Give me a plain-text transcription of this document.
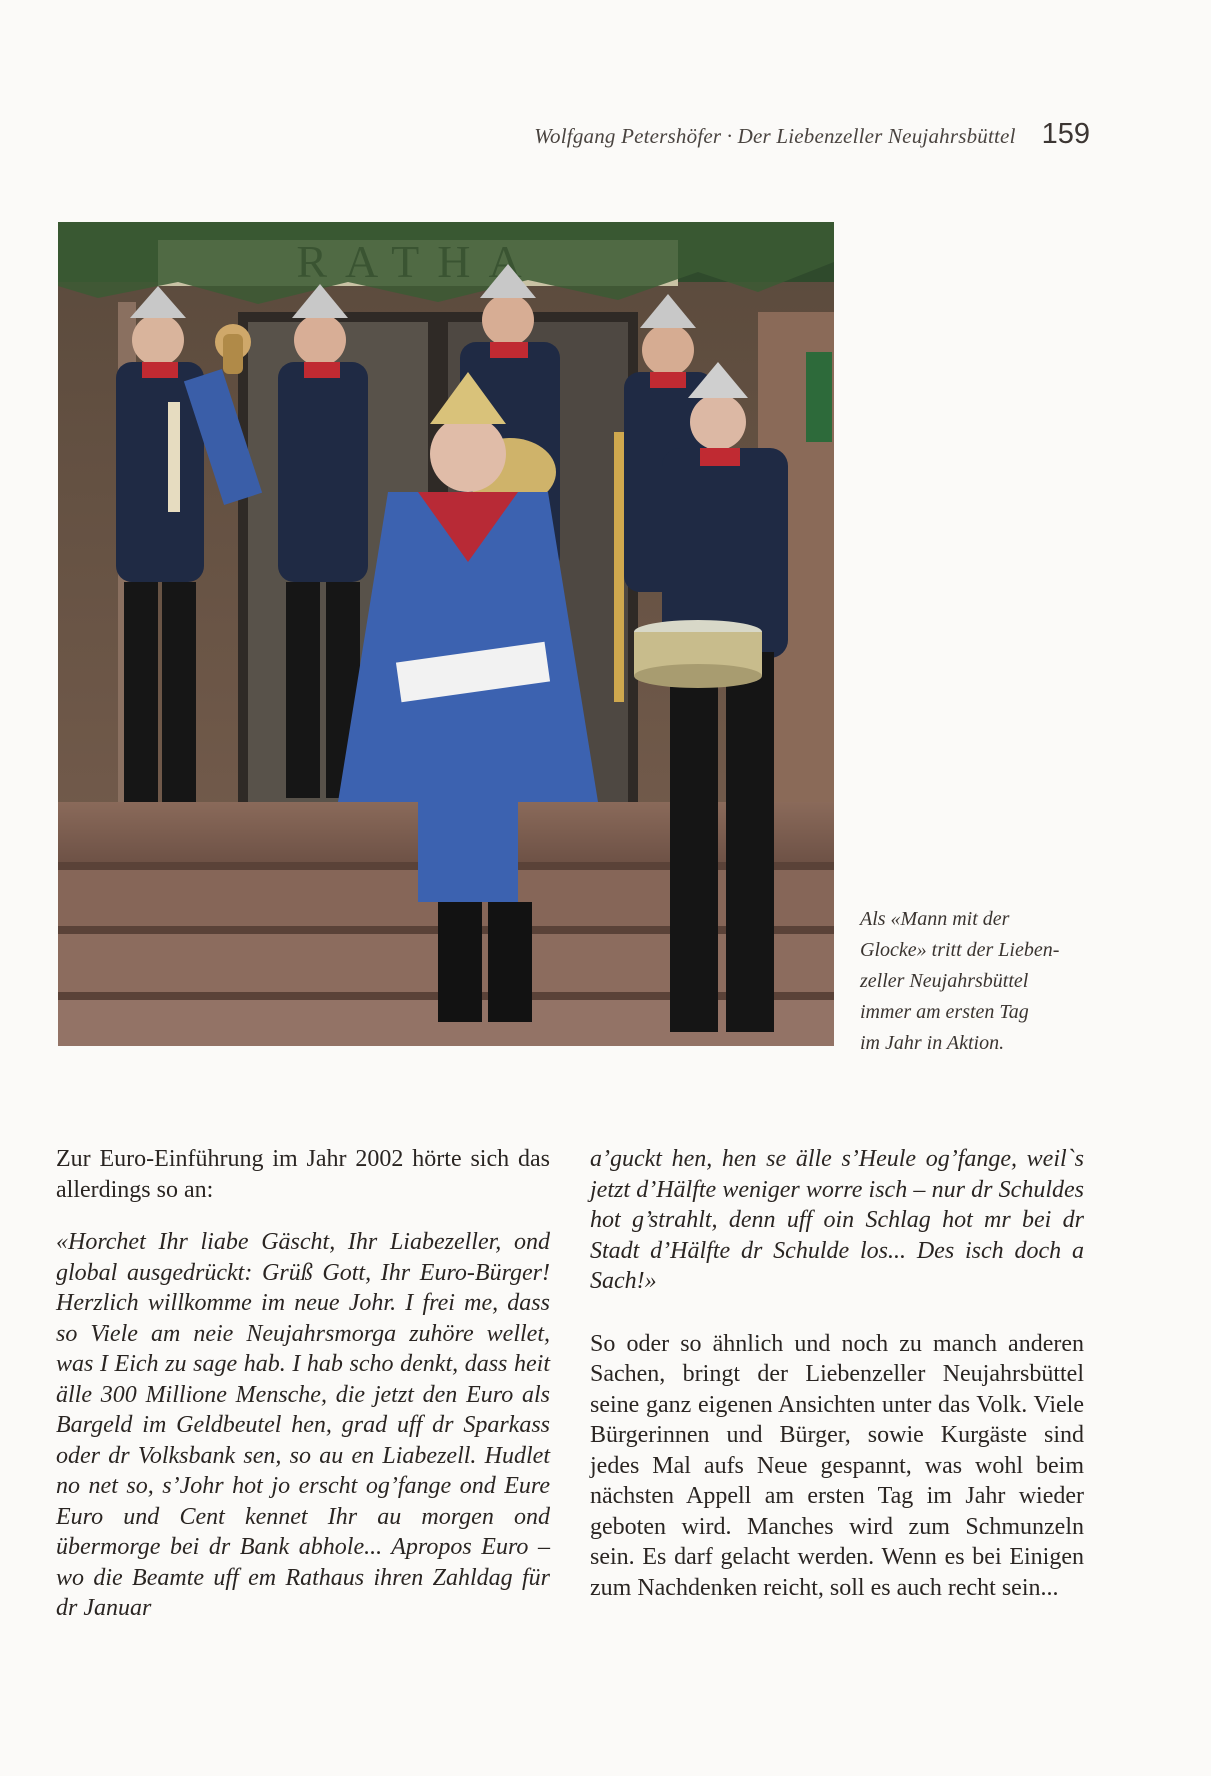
Wolfgang Petershöfer · Der Liebenzeller Neujahrsbüttel 159

Als «Mann mit der
Glocke» tritt der Lieben-
zeller Neujahrsbüttel
immer am ersten Tag
im Jahr in Aktion.

Zur Euro-Einführung im Jahr 2002 hörte sich das allerdings so an:

«Horchet Ihr liabe Gäscht, Ihr Liabezeller, ond global ausgedrückt: Grüß Gott, Ihr Euro-Bürger! Herzlich willkomme im neue Johr. I frei me, dass so Viele am neie Neujahrsmorga zuhöre wellet, was I Eich zu sage hab. I hab scho denkt, dass heit älle 300 Millione Mensche, die jetzt den Euro als Bargeld im Geldbeutel hen, grad uff dr Sparkass oder dr Volksbank sen, so au en Liabezell. Hudlet no net so, s’Johr hot jo erscht og’fange ond Eure Euro und Cent kennet Ihr au morgen ond übermorge bei dr Bank abhole... Apropos Euro – wo die Beamte uff em Rathaus ihren Zahldag für dr Januar

a’guckt hen, hen se älle s’Heule og’fange, weil`s jetzt d’Hälfte weniger worre isch – nur dr Schuldes hot g’strahlt, denn uff oin Schlag hot mr bei dr Stadt d’Hälfte dr Schulde los... Des isch doch a Sach!»

So oder so ähnlich und noch zu manch anderen Sachen, bringt der Liebenzeller Neujahrsbüttel seine ganz eigenen Ansichten unter das Volk. Viele Bürgerinnen und Bürger, sowie Kurgäste sind jedes Mal aufs Neue gespannt, was wohl beim nächsten Appell am ersten Tag im Jahr wieder geboten wird. Manches wird zum Schmunzeln sein. Es darf gelacht werden. Wenn es bei Einigen zum Nachdenken reicht, soll es auch recht sein...
